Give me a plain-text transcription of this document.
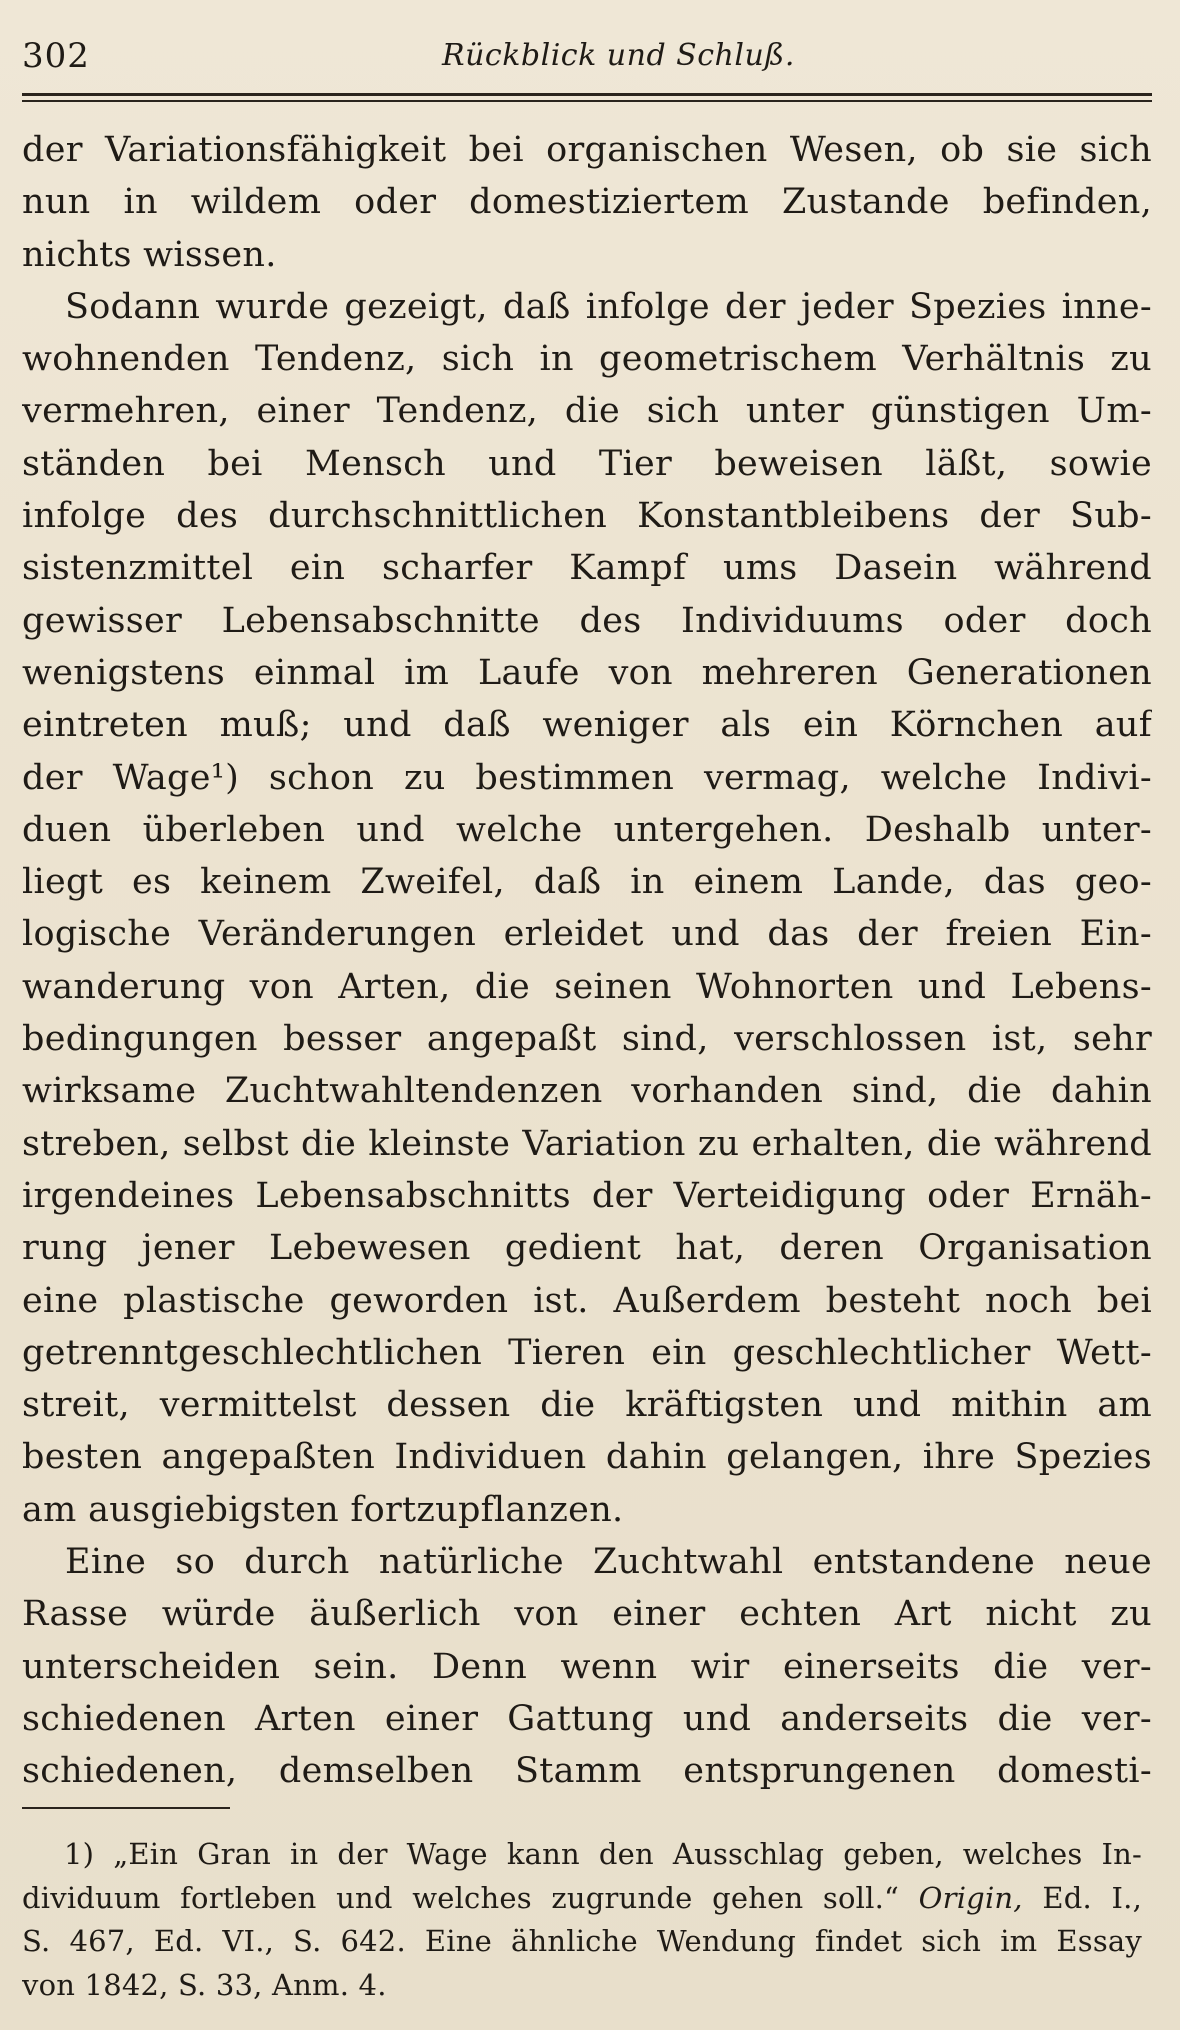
302	Rückblick und Schluß.
der Variationsfähigkeit bei organischen Wesen, ob sie sich
nun in wildem oder domestiziertem Zustande befinden,
nichts wissen.
Sodann wurde gezeigt, daß infolge der jeder Spezies inne-
wohnenden Tendenz, sich in geometrischem Verhältnis zu
vermehren, einer Tendenz, die sich unter günstigen Um-
ständen bei Mensch und Tier beweisen läßt, sowie
infolge des durchschnittlichen Konstantbleibens der Sub-
sistenzmittel ein scharfer Kampf ums Dasein während
gewisser Lebensabschnitte des Individuums oder doch
wenigstens einmal im Laufe von mehreren Generationen
eintreten muß; und daß weniger als ein Körnchen auf
der Wage¹) schon zu bestimmen vermag, welche Indivi-
duen überleben und welche untergehen. Deshalb unter-
liegt es keinem Zweifel, daß in einem Lande, das geo-
logische Veränderungen erleidet und das der freien Ein-
wanderung von Arten, die seinen Wohnorten und Lebens-
bedingungen besser angepaßt sind, verschlossen ist, sehr
wirksame Zuchtwahltendenzen vorhanden sind, die dahin
streben, selbst die kleinste Variation zu erhalten, die während
irgendeines Lebensabschnitts der Verteidigung oder Ernäh-
rung jener Lebewesen gedient hat, deren Organisation
eine plastische geworden ist. Außerdem besteht noch bei
getrenntgeschlechtlichen Tieren ein geschlechtlicher Wett-
streit, vermittelst dessen die kräftigsten und mithin am
besten angepaßten Individuen dahin gelangen, ihre Spezies
am ausgiebigsten fortzupflanzen.
Eine so durch natürliche Zuchtwahl entstandene neue
Rasse würde äußerlich von einer echten Art nicht zu
unterscheiden sein. Denn wenn wir einerseits die ver-
schiedenen Arten einer Gattung und anderseits die ver-
schiedenen, demselben Stamm entsprungenen domesti-
1) „Ein Gran in der Wage kann den Ausschlag geben, welches In-
dividuum fortleben und welches zugrunde gehen soll.“ Origin, Ed. I.,
S. 467, Ed. VI., S. 642. Eine ähnliche Wendung findet sich im Essay
von 1842, S. 33, Anm. 4.
